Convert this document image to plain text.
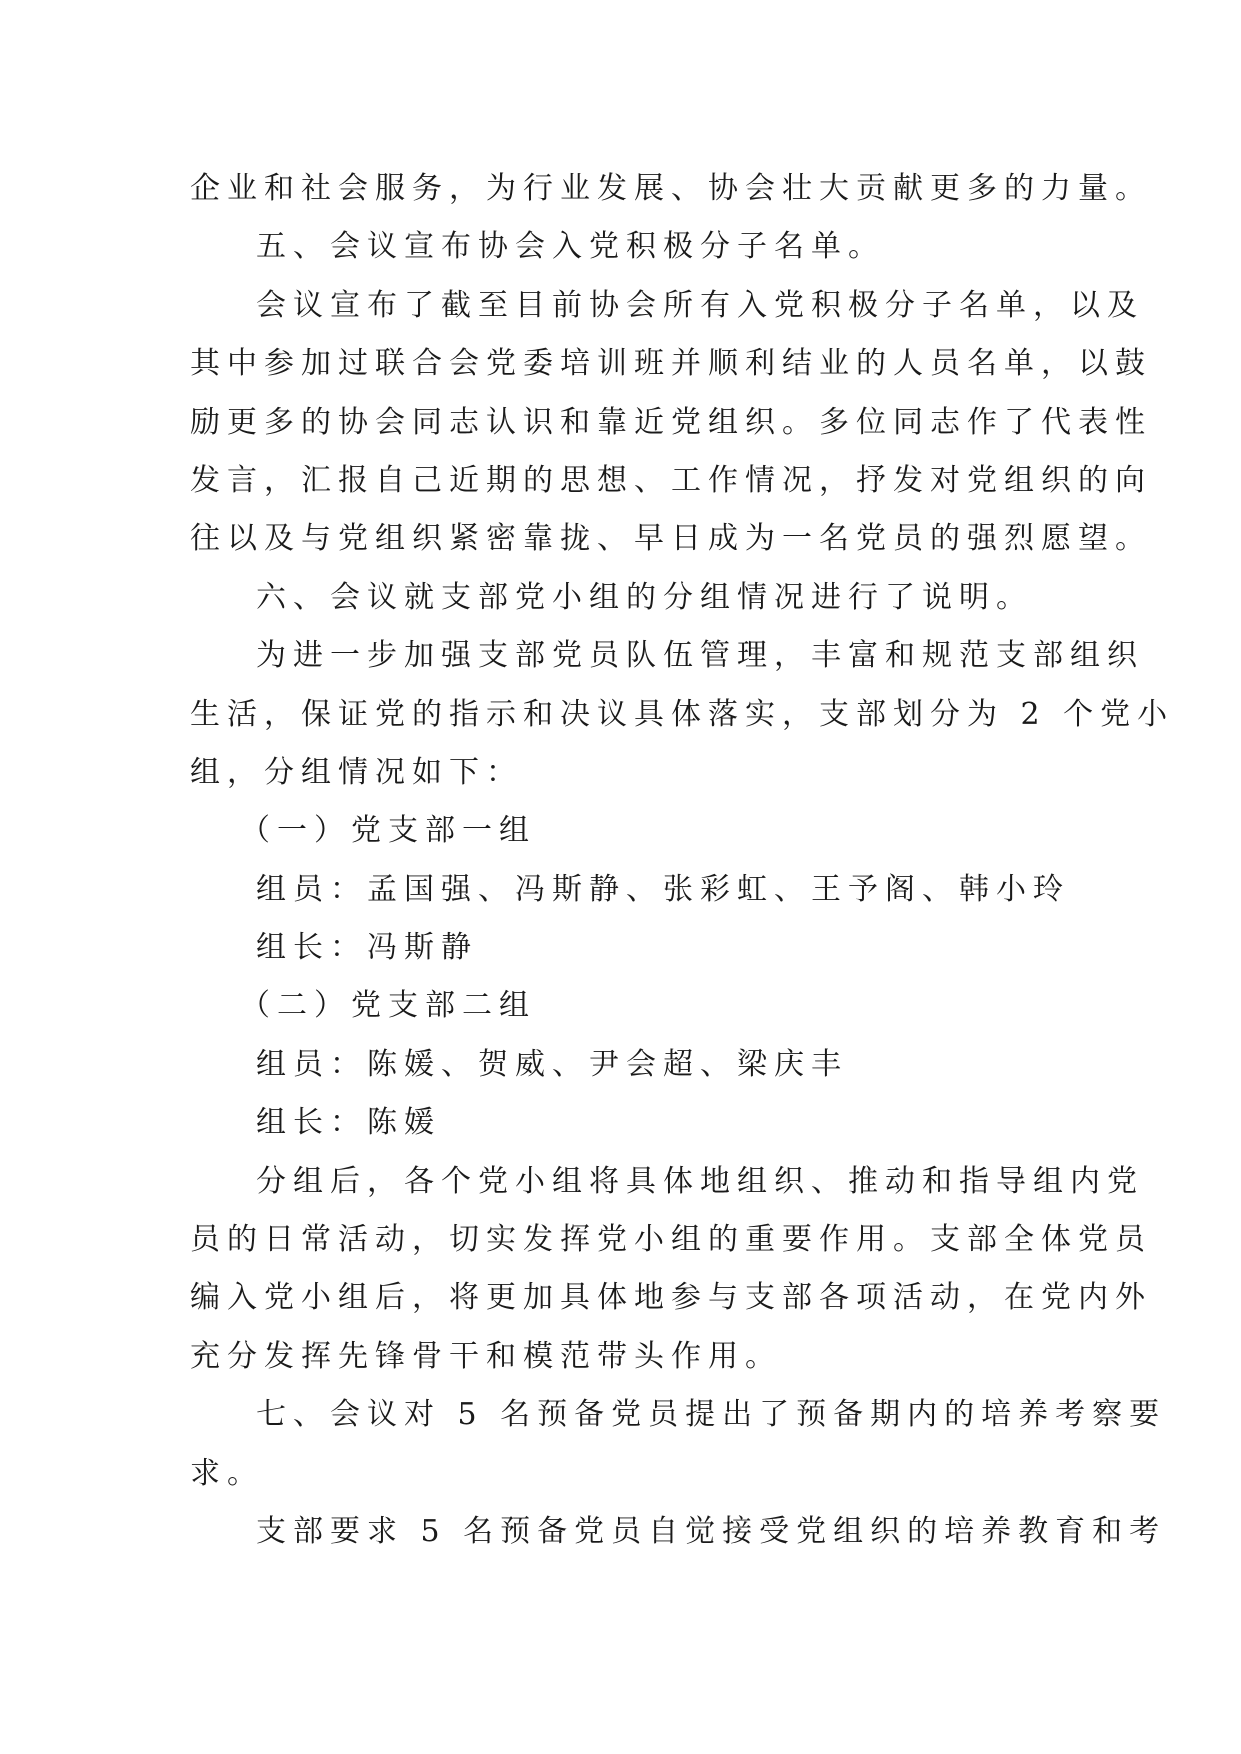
企业和社会服务，为行业发展、协会壮大贡献更多的力量。
五、会议宣布协会入党积极分子名单。
会议宣布了截至目前协会所有入党积极分子名单，以及
其中参加过联合会党委培训班并顺利结业的人员名单，以鼓
励更多的协会同志认识和靠近党组织。多位同志作了代表性
发言，汇报自己近期的思想、工作情况，抒发对党组织的向
往以及与党组织紧密靠拢、早日成为一名党员的强烈愿望。
六、会议就支部党小组的分组情况进行了说明。
为进一步加强支部党员队伍管理，丰富和规范支部组织
生活，保证党的指示和决议具体落实，支部划分为 2 个党小
组，分组情况如下：
（一）党支部一组
组员：孟国强、冯斯静、张彩虹、王予阁、韩小玲
组长：冯斯静
（二）党支部二组
组员：陈媛、贺威、尹会超、梁庆丰
组长：陈媛
分组后，各个党小组将具体地组织、推动和指导组内党
员的日常活动，切实发挥党小组的重要作用。支部全体党员
编入党小组后，将更加具体地参与支部各项活动，在党内外
充分发挥先锋骨干和模范带头作用。
七、会议对 5 名预备党员提出了预备期内的培养考察要
求。
支部要求 5 名预备党员自觉接受党组织的培养教育和考
